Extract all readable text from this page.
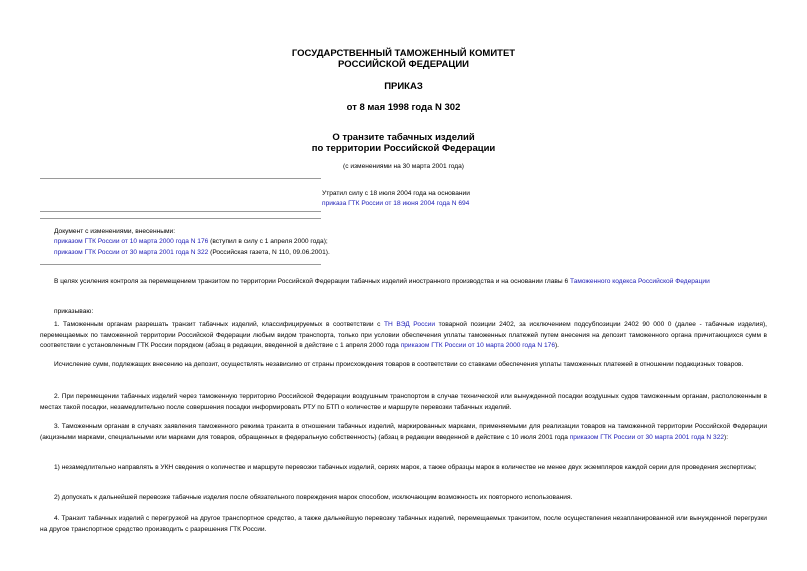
ГОСУДАРСТВЕННЫЙ ТАМОЖЕННЫЙ КОМИТЕТ
РОССИЙСКОЙ ФЕДЕРАЦИИ
ПРИКАЗ
от 8 мая 1998 года N 302
О транзите табачных изделий
по территории Российской Федерации
(с изменениями на 30 марта 2001 года)
Утратил силу с 18 июля 2004 года на основании
приказа ГТК России от 18 июня 2004 года N 694
Документ с изменениями, внесенными:
приказом ГТК России от 10 марта 2000 года N 176 (вступил в силу с 1 апреля 2000 года);
приказом ГТК России от 30 марта 2001 года N 322 (Российская газета, N 110, 09.06.2001).
В целях усиления контроля за перемещением транзитом по территории Российской Федерации табачных изделий иностранного производства и на основании главы 6 Таможенного кодекса Российской Федерации
приказываю:
1. Таможенным органам разрешать транзит табачных изделий, классифицируемых в соответствии с ТН ВЭД России товарной позиции 2402, за исключением подсубпозиции 2402 90 000 0 (далее - табачные изделия), перемещаемых по таможенной территории Российской Федерации любым видом транспорта, только при условии обеспечения уплаты таможенных платежей путем внесения на депозит таможенного органа причитающихся сумм в соответствии с установленным ГТК России порядком (абзац в редакции, введенной в действие с 1 апреля 2000 года приказом ГТК России от 10 марта 2000 года N 176).
Исчисление сумм, подлежащих внесению на депозит, осуществлять независимо от страны происхождения товаров в соответствии со ставками обеспечения уплаты таможенных платежей в отношении подакцизных товаров.
2. При перемещении табачных изделий через таможенную территорию Российской Федерации воздушным транспортом в случае технической или вынужденной посадки воздушных судов таможенным органам, расположенным в местах такой посадки, незамедлительно после совершения посадки информировать РТУ по БТП о количестве и маршруте перевозки табачных изделий.
3. Таможенным органам в случаях заявления таможенного режима транзита в отношении табачных изделий, маркированных марками, применяемыми для реализации товаров на таможенной территории Российской Федерации (акцизными марками, специальными или марками для товаров, обращенных в федеральную собственность) (абзац в редакции введенной в действие с 10 июля 2001 года приказом ГТК России от 30 марта 2001 года N 322):
1) незамедлительно направлять в УКН сведения о количестве и маршруте перевозки табачных изделий, сериях марок, а также образцы марок в количестве не менее двух экземпляров каждой серии для проведения экспертизы;
2) допускать к дальнейшей перевозке табачные изделия после обязательного повреждения марок способом, исключающим возможность их повторного использования.
4. Транзит табачных изделий с перегрузкой на другое транспортное средство, а также дальнейшую перевозку табачных изделий, перемещаемых транзитом, после осуществления незапланированной или вынужденной перегрузки на другое транспортное средство производить с разрешения ГТК России.
